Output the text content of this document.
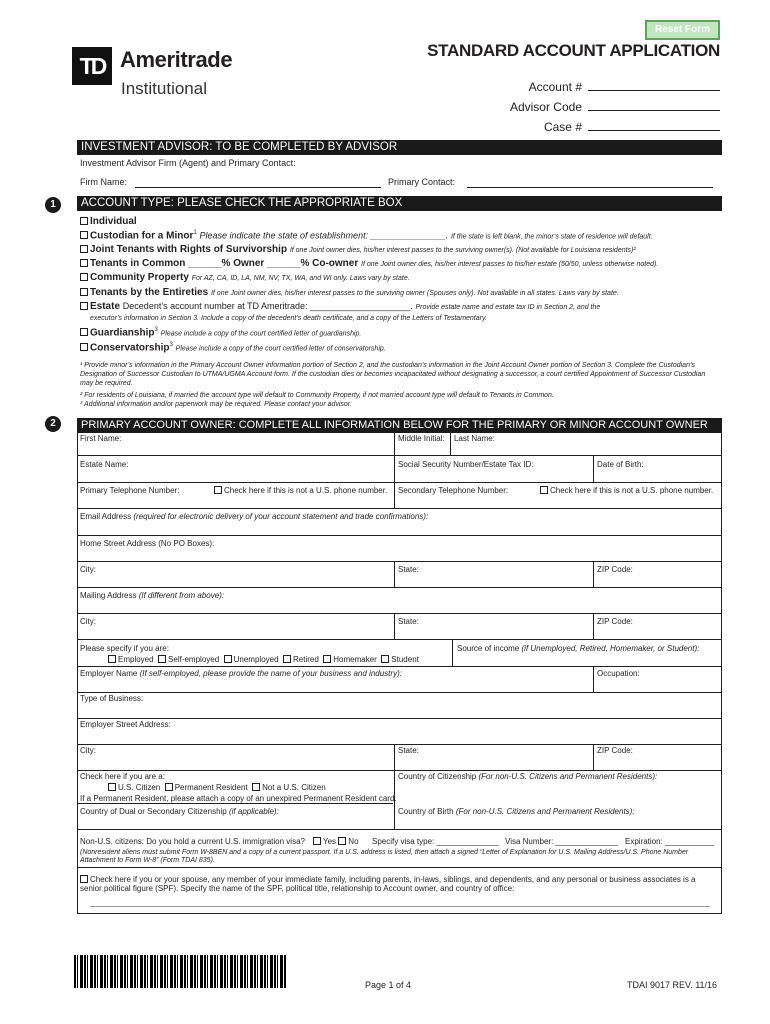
Reset Form
TD Ameritrade
Institutional
STANDARD ACCOUNT APPLICATION
Account #
Advisor Code
Case #
INVESTMENT ADVISOR: TO BE COMPLETED BY ADVISOR
Investment Advisor Firm (Agent) and Primary Contact:
Firm Name:	Primary Contact:
1	ACCOUNT TYPE: PLEASE CHECK THE APPROPRIATE BOX
Individual
Custodian for a Minor$^1$ Please indicate the state of establishment: _______________. If the state is left blank, the minor’s state of residence will default.
Joint Tenants with Rights of Survivorship If one Joint owner dies, his/her interest passes to the surviving owner(s). (Not available for Louisiana residents)²
Tenants in Common ______% Owner ______% Co-owner If one Joint owner dies, his/her interest passes to his/her estate (50/50, unless otherwise noted).
Community Property For AZ, CA, ID, LA, NM, NV, TX, WA, and WI only. Laws vary by state.
Tenants by the Entireties If one Joint owner dies, his/her interest passes to the surviving owner (Spouses only). Not available in all states. Laws vary by state.
Estate Decedent’s account number at TD Ameritrade: ____________________. Provide estate name and estate tax ID in Section 2, and the
executor’s information in Section 3. Include a copy of the decedent’s death certificate, and a copy of the Letters of Testamentary.
Guardianship$^3$ Please include a copy of the court certified letter of guardianship.
Conservatorship$^3$ Please include a copy of the court certified letter of conservatorship.
¹ Provide minor’s information in the Primary Account Owner information portion of Section 2, and the custodian’s information in the Joint Account Owner portion of Section 3. Complete the Custodian’s Designation of Successor Custodian to UTMA/UGMA Account form. If the custodian dies or becomes incapacitated without designating a successor, a court certified Appointment of Successor Custodian may be required.
² For residents of Louisiana, if married the account type will default to Community Property, if not married account type will default to Tenants in Common.
³ Additional information and/or paperwork may be required. Please contact your advisor.
2	PRIMARY ACCOUNT OWNER: COMPLETE ALL INFORMATION BELOW FOR THE PRIMARY OR MINOR ACCOUNT OWNER
First Name:	Middle Initial: Last Name:
Estate Name:	Social Security Number/Estate Tax ID:	Date of Birth:
Primary Telephone Number:	Check here if this is not a U.S. phone number. Secondary Telephone Number:	Check here if this is not a U.S. phone number.
Email Address (required for electronic delivery of your account statement and trade confirmations):
Home Street Address (No PO Boxes):
City:	State:	ZIP Code:
Mailing Address (If different from above):
City:	State:	ZIP Code:
Please specify if you are:
Employed Self-employed Unemployed Retired Homemaker Student
Source of income (if Unemployed, Retired, Homemaker, or Student):
Employer Name (If self-employed, please provide the name of your business and industry):	Occupation:
Type of Business:
Employer Street Address:
City:	State:	ZIP Code:
Check here if you are a:
U.S. Citizen Permanent Resident Not a U.S. Citizen
If a Permanent Resident, please attach a copy of an unexpired Permanent Resident card.
Country of Citizenship (For non-U.S. Citizens and Permanent Residents):
Country of Dual or Secondary Citizenship (if applicable):	Country of Birth (For non-U.S. Citizens and Permanent Residents):
Non-U.S. citizens: Do you hold a current U.S. immigration visa?	Yes No Specify visa type: ______________ Visa Number: ______________ Expiration: ___________
(Nonresident aliens must submit Form W-8BEN and a copy of a current passport. If a U.S. address is listed, then attach a signed “Letter of Explanation for U.S. Mailing Address/U.S. Phone Number Attachment to Form W-8” (Form TDAI 835).
Check here if you or your spouse, any member of your immediate family, including parents, in-laws, siblings, and dependents, and any personal or business associates is a senior political figure (SPF). Specify the name of the SPF, political title, relationship to Account owner, and country of office:
Page 1 of 4	TDAI 9017 REV. 11/16
